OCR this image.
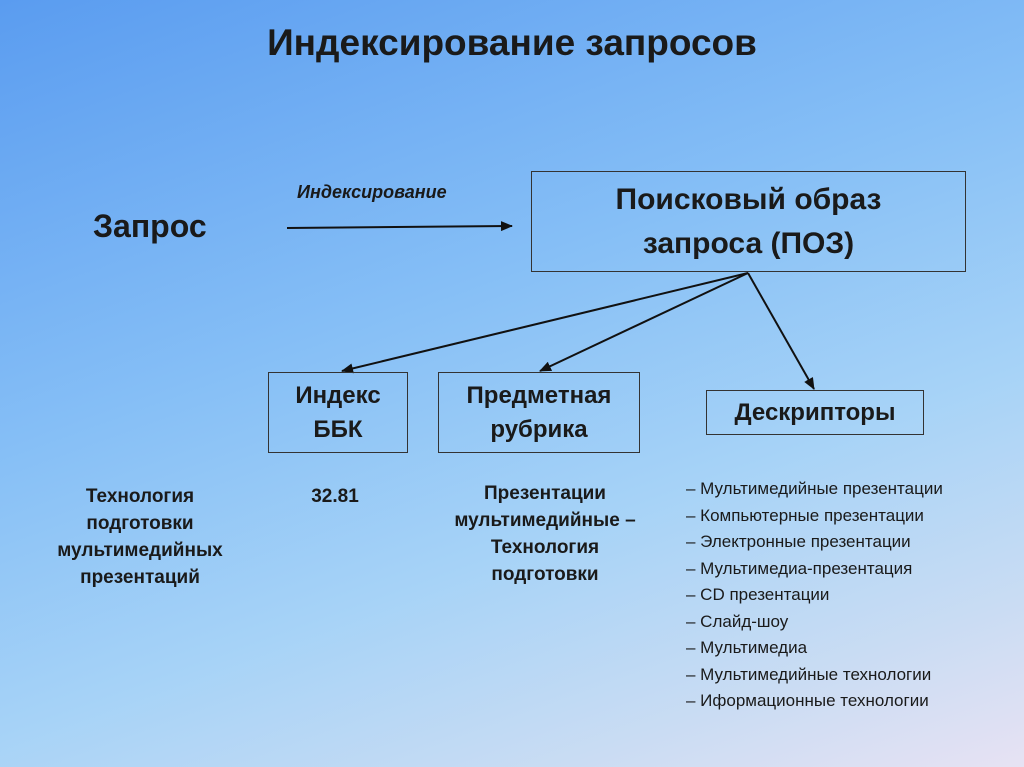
Индексирование запросов
Запрос
Индексирование	Поисковый образ
запроса (ПОЗ)
Индекс
ББК
Предметная
рубрика
Дескрипторы
Технология
подготовки
мультимедийных
презентаций
32.81	Презентации
мультимедийные –
Технология
подготовки
– Мультимедийные презентации
– Компьютерные презентации
– Электронные презентации
– Мультимедиа-презентация
– CD презентации
– Слайд-шоу
– Мультимедиа
– Мультимедийные технологии
– Иформационные технологии
